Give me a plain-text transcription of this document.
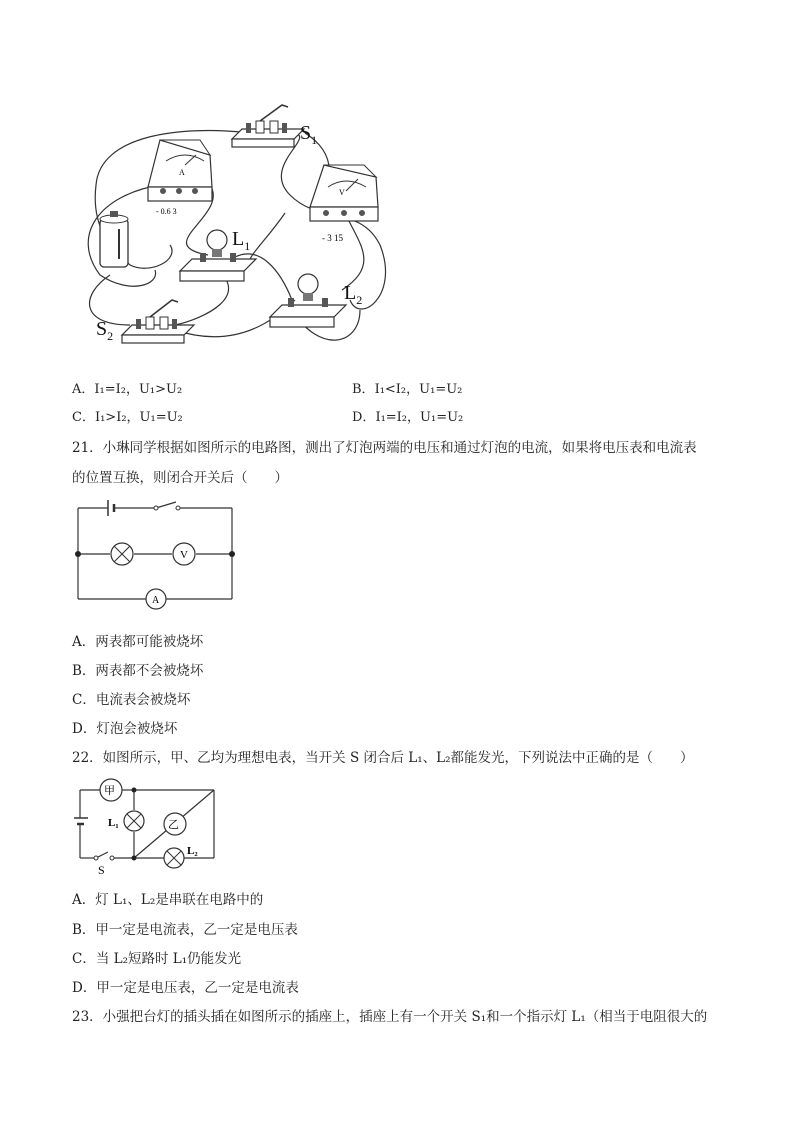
$S_1$
A
- 0.6 3
V
- 3 15
$L_1$
$L_2$
$S_2$
A．I₁=I₂，U₁>U₂	B．I₁<I₂，U₁=U₂
C．I₁>I₂，U₁=U₂	D．I₁=I₂，U₁=U₂
21．小琳同学根据如图所示的电路图，测出了灯泡两端的电压和通过灯泡的电流，如果将电压表和电流表
的位置互换，则闭合开关后（　　）
V
A
A．两表都可能被烧坏
B．两表都不会被烧坏
C．电流表会被烧坏
D．灯泡会被烧坏
22．如图所示，甲、乙均为理想电表，当开关 S 闭合后 L₁、L₂都能发光，下列说法中正确的是（　　）
甲
L₁	乙
L₂
S
A．灯 L₁、L₂是串联在电路中的
B．甲一定是电流表，乙一定是电压表
C．当 L₂短路时 L₁仍能发光
D．甲一定是电压表，乙一定是电流表
23．小强把台灯的插头插在如图所示的插座上，插座上有一个开关 S₁和一个指示灯 L₁（相当于电阻很大的
